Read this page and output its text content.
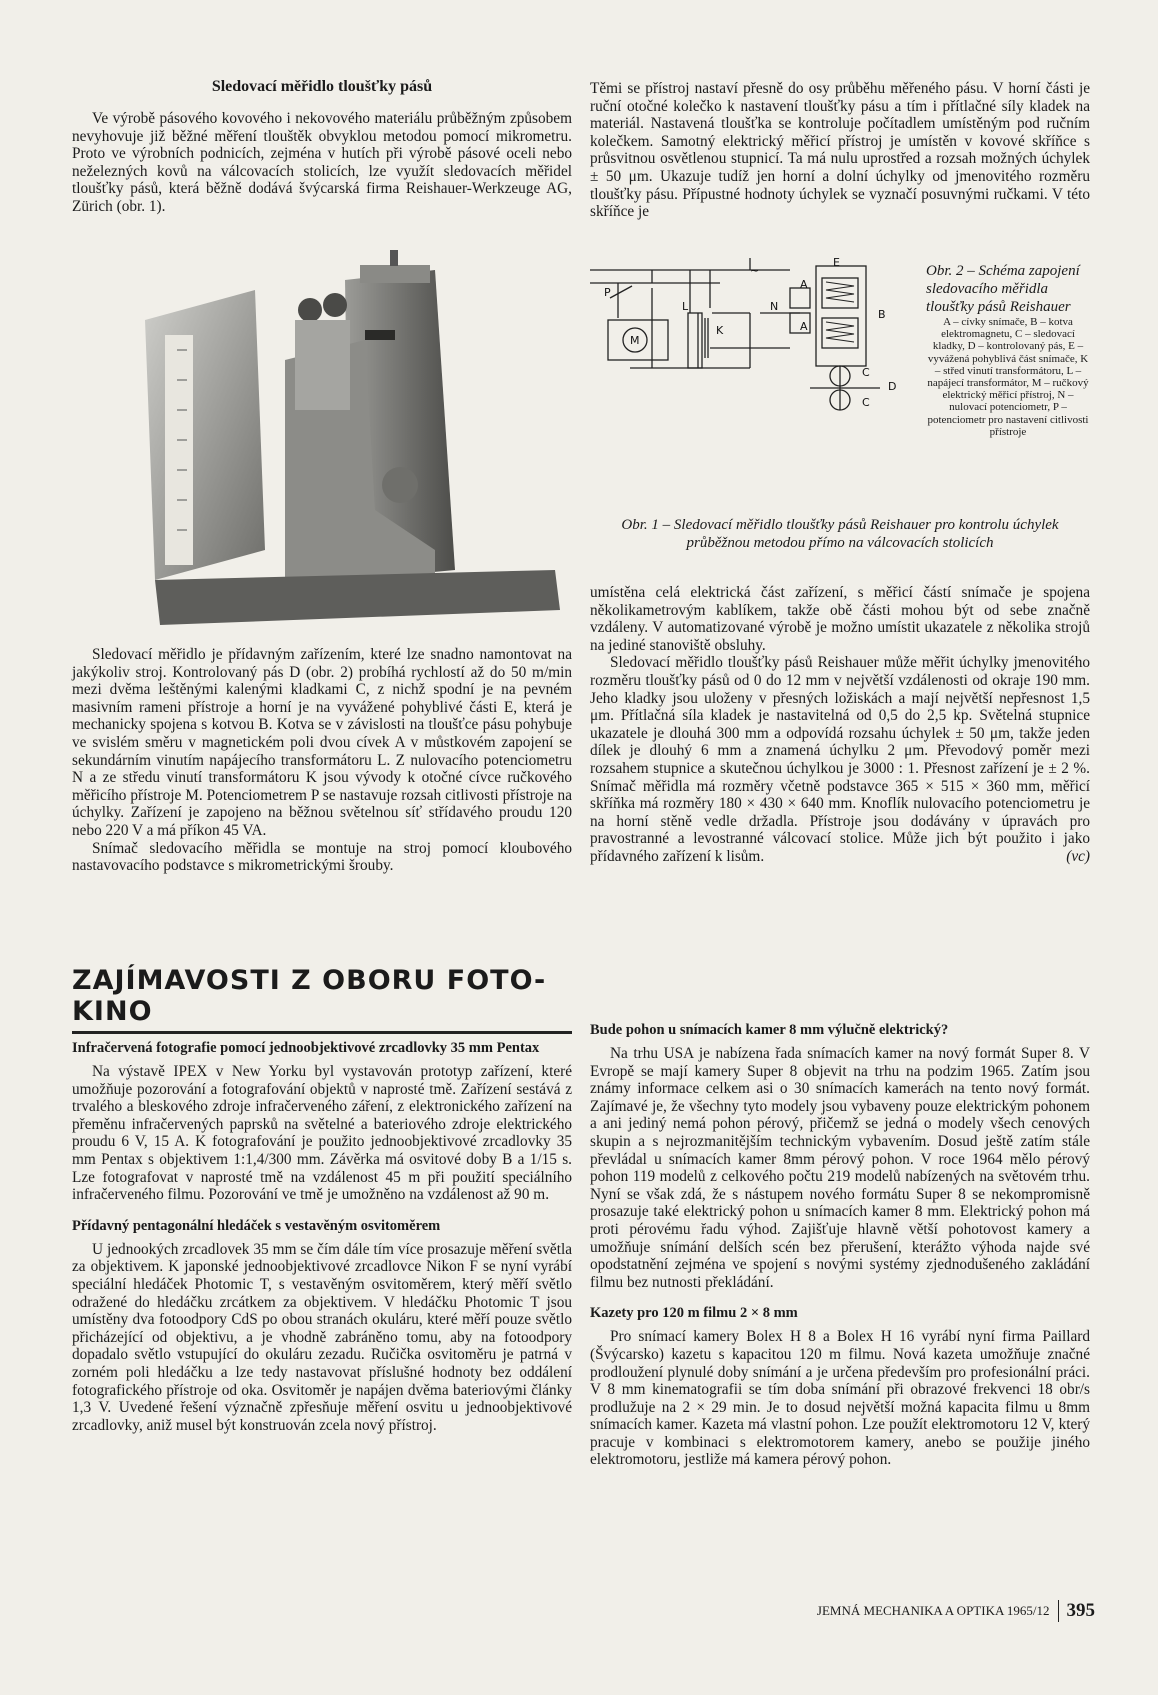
Sledovací měřidlo tloušťky pásů

Ve výrobě pásového kovového i nekovového materiálu průběžným způsobem nevyhovuje již běžné měření tlouštěk obvyklou metodou pomocí mikrometru. Proto ve výrobních podnicích, zejména v hutích při výrobě pásové oceli nebo neželezných kovů na válcovacích stolicích, lze využít sledovacích měřidel tloušťky pásů, která běžně dodává švýcarská firma Reishauer-Werkzeuge AG, Zürich (obr. 1).

E
B
D
C
C
A
A
N
K
L
M
P
~

Těmi se přístroj nastaví přesně do osy průběhu měřeného pásu. V horní části je ruční otočné kolečko k nastavení tloušťky pásu a tím i přítlačné síly kladek na materiál. Nastavená tloušťka se kontroluje počítadlem umístěným pod ručním kolečkem. Samotný elektrický měřicí přístroj je umístěn v kovové skříňce s průsvitnou osvětlenou stupnicí. Ta má nulu uprostřed a rozsah možných úchylek ± 50 μm. Ukazuje tudíž jen horní a dolní úchylky od jmenovitého rozměru tloušťky pásu. Přípustné hodnoty úchylek se vyznačí posuvnými ručkami. V této skříňce je

Obr. 2 – Schéma zapojení sledovacího měřidla tloušťky pásů Reishauer
A – cívky snímače, B – kotva elektromagnetu, C – sledovací kladky, D – kontrolovaný pás, E – vyvážená pohyblivá část snímače, K – střed vinutí transformátoru, L – napájecí transformátor, M – ručkový elektrický měřicí přístroj, N – nulovací potenciometr, P – potenciometr pro nastavení citlivosti přístroje
Obr. 1 – Sledovací měřidlo tloušťky pásů Reishauer pro kontrolu úchylek průběžnou metodou přímo na válcovacích stolicích

Sledovací měřidlo je přídavným zařízením, které lze snadno namontovat na jakýkoliv stroj. Kontrolovaný pás D (obr. 2) probíhá rychlostí až do 50 m/min mezi dvěma leštěnými kalenými kladkami C, z nichž spodní je na pevném masivním rameni přístroje a horní je na vyvážené pohyblivé části E, která je mechanicky spojena s kotvou B. Kotva se v závislosti na tloušťce pásu pohybuje ve svislém směru v magnetickém poli dvou cívek A v můstkovém zapojení se sekundárním vinutím napájecího transformátoru L. Z nulovacího potenciometru N a ze středu vinutí transformátoru K jsou vývody k otočné cívce ručkového měřicího přístroje M. Potenciometrem P se nastavuje rozsah citlivosti přístroje na úchylky. Zařízení je zapojeno na běžnou světelnou síť střídavého proudu 120 nebo 220 V a má příkon 45 VA.

Snímač sledovacího měřidla se montuje na stroj pomocí kloubového nastavovacího podstavce s mikrometrickými šrouby.

umístěna celá elektrická část zařízení, s měřicí částí snímače je spojena několikametrovým kablíkem, takže obě části mohou být od sebe značně vzdáleny. V automatizované výrobě je možno umístit ukazatele z několika strojů na jediné stanoviště obsluhy.

Sledovací měřidlo tloušťky pásů Reishauer může měřit úchylky jmenovitého rozměru tloušťky pásů od 0 do 12 mm v největší vzdálenosti od okraje 190 mm. Jeho kladky jsou uloženy v přesných ložiskách a mají největší nepřesnost 1,5 μm. Přítlačná síla kladek je nastavitelná od 0,5 do 2,5 kp. Světelná stupnice ukazatele je dlouhá 300 mm a odpovídá rozsahu úchylek ± 50 μm, takže jeden dílek je dlouhý 6 mm a znamená úchylku 2 μm. Převodový poměr mezi rozsahem stupnice a skutečnou úchylkou je 3000 : 1. Přesnost zařízení je ± 2 %. Snímač měřidla má rozměry včetně podstavce 365 × 515 × 360 mm, měřicí skříňka má rozměry 180 × 430 × 640 mm. Knoflík nulovacího potenciometru je na horní stěně vedle držadla. Přístroje jsou dodávány v úpravách pro pravostranné a levostranné válcovací stolice. Může jich být použito i jako přídavného zařízení k lisům.	(vc)

ZAJÍMAVOSTI Z OBORU FOTO-KINO
Infračervená fotografie pomocí jednoobjektivové zrcadlovky 35 mm Pentax

Na výstavě IPEX v New Yorku byl vystavován prototyp zařízení, které umožňuje pozorování a fotografování objektů v naprosté tmě. Zařízení sestává z trvalého a bleskového zdroje infračerveného záření, z elektronického zařízení na přeměnu infračervených paprsků na světelné a bateriového zdroje elektrického proudu 6 V, 15 A. K fotografování je použito jednoobjektivové zrcadlovky 35 mm Pentax s objektivem 1:1,4/300 mm. Závěrka má osvitové doby B a 1/15 s. Lze fotografovat v naprosté tmě na vzdálenost 45 m při použití speciálního infračerveného filmu. Pozorování ve tmě je umožněno na vzdálenost až 90 m.

Přídavný pentagonální hledáček s vestavěným osvitoměrem

U jednookých zrcadlovek 35 mm se čím dále tím více prosazuje měření světla za objektivem. K japonské jednoobjektivové zrcadlovce Nikon F se nyní vyrábí speciální hledáček Photomic T, s vestavěným osvitoměrem, který měří světlo odražené do hledáčku zrcátkem za objektivem. V hledáčku Photomic T jsou umístěny dva fotoodpory CdS po obou stranách okuláru, které měří pouze světlo přicházející od objektivu, a je vhodně zabráněno tomu, aby na fotoodpory dopadalo světlo vstupující do okuláru zezadu. Ručička osvitoměru je patrná v zorném poli hledáčku a lze tedy nastavovat příslušné hodnoty bez oddálení fotografického přístroje od oka. Osvitoměr je napájen dvěma bateriovými články 1,3 V. Uvedené řešení význačně zpřesňuje měření osvitu u jednoobjektivové zrcadlovky, aniž musel být konstruován zcela nový přístroj.

Bude pohon u snímacích kamer 8 mm výlučně elektrický?

Na trhu USA je nabízena řada snímacích kamer na nový formát Super 8. V Evropě se mají kamery Super 8 objevit na trhu na podzim 1965. Zatím jsou známy informace celkem asi o 30 snímacích kamerách na tento nový formát. Zajímavé je, že všechny tyto modely jsou vybaveny pouze elektrickým pohonem a ani jediný nemá pohon pérový, přičemž se jedná o modely všech cenových skupin a s nejrozmanitějším technickým vybavením. Dosud ještě zatím stále převládal u snímacích kamer 8mm pérový pohon. V roce 1964 mělo pérový pohon 119 modelů z celkového počtu 219 modelů nabízených na světovém trhu. Nyní se však zdá, že s nástupem nového formátu Super 8 se nekompromisně prosazuje také elektrický pohon u snímacích kamer 8 mm. Elektrický pohon má proti pérovému řadu výhod. Zajišťuje hlavně větší pohotovost kamery a umožňuje snímání delších scén bez přerušení, kterážto výhoda najde své opodstatnění zejména ve spojení s novými systémy zjednodušeného zakládání filmu bez nutnosti překládání.

Kazety pro 120 m filmu 2 × 8 mm

Pro snímací kamery Bolex H 8 a Bolex H 16 vyrábí nyní firma Paillard (Švýcarsko) kazetu s kapacitou 120 m filmu. Nová kazeta umožňuje značné prodloužení plynulé doby snímání a je určena především pro profesionální práci. V 8 mm kinematografii se tím doba snímání při obrazové frekvenci 18 obr/s prodlužuje na 2 × 29 min. Je to dosud největší možná kapacita filmu u 8mm snímacích kamer. Kazeta má vlastní pohon. Lze použít elektromotoru 12 V, který pracuje v kombinaci s elektromotorem kamery, anebo se použije jiného elektromotoru, jestliže má kamera pérový pohon.

JEMNÁ MECHANIKA A OPTIKA 1965/12 395
